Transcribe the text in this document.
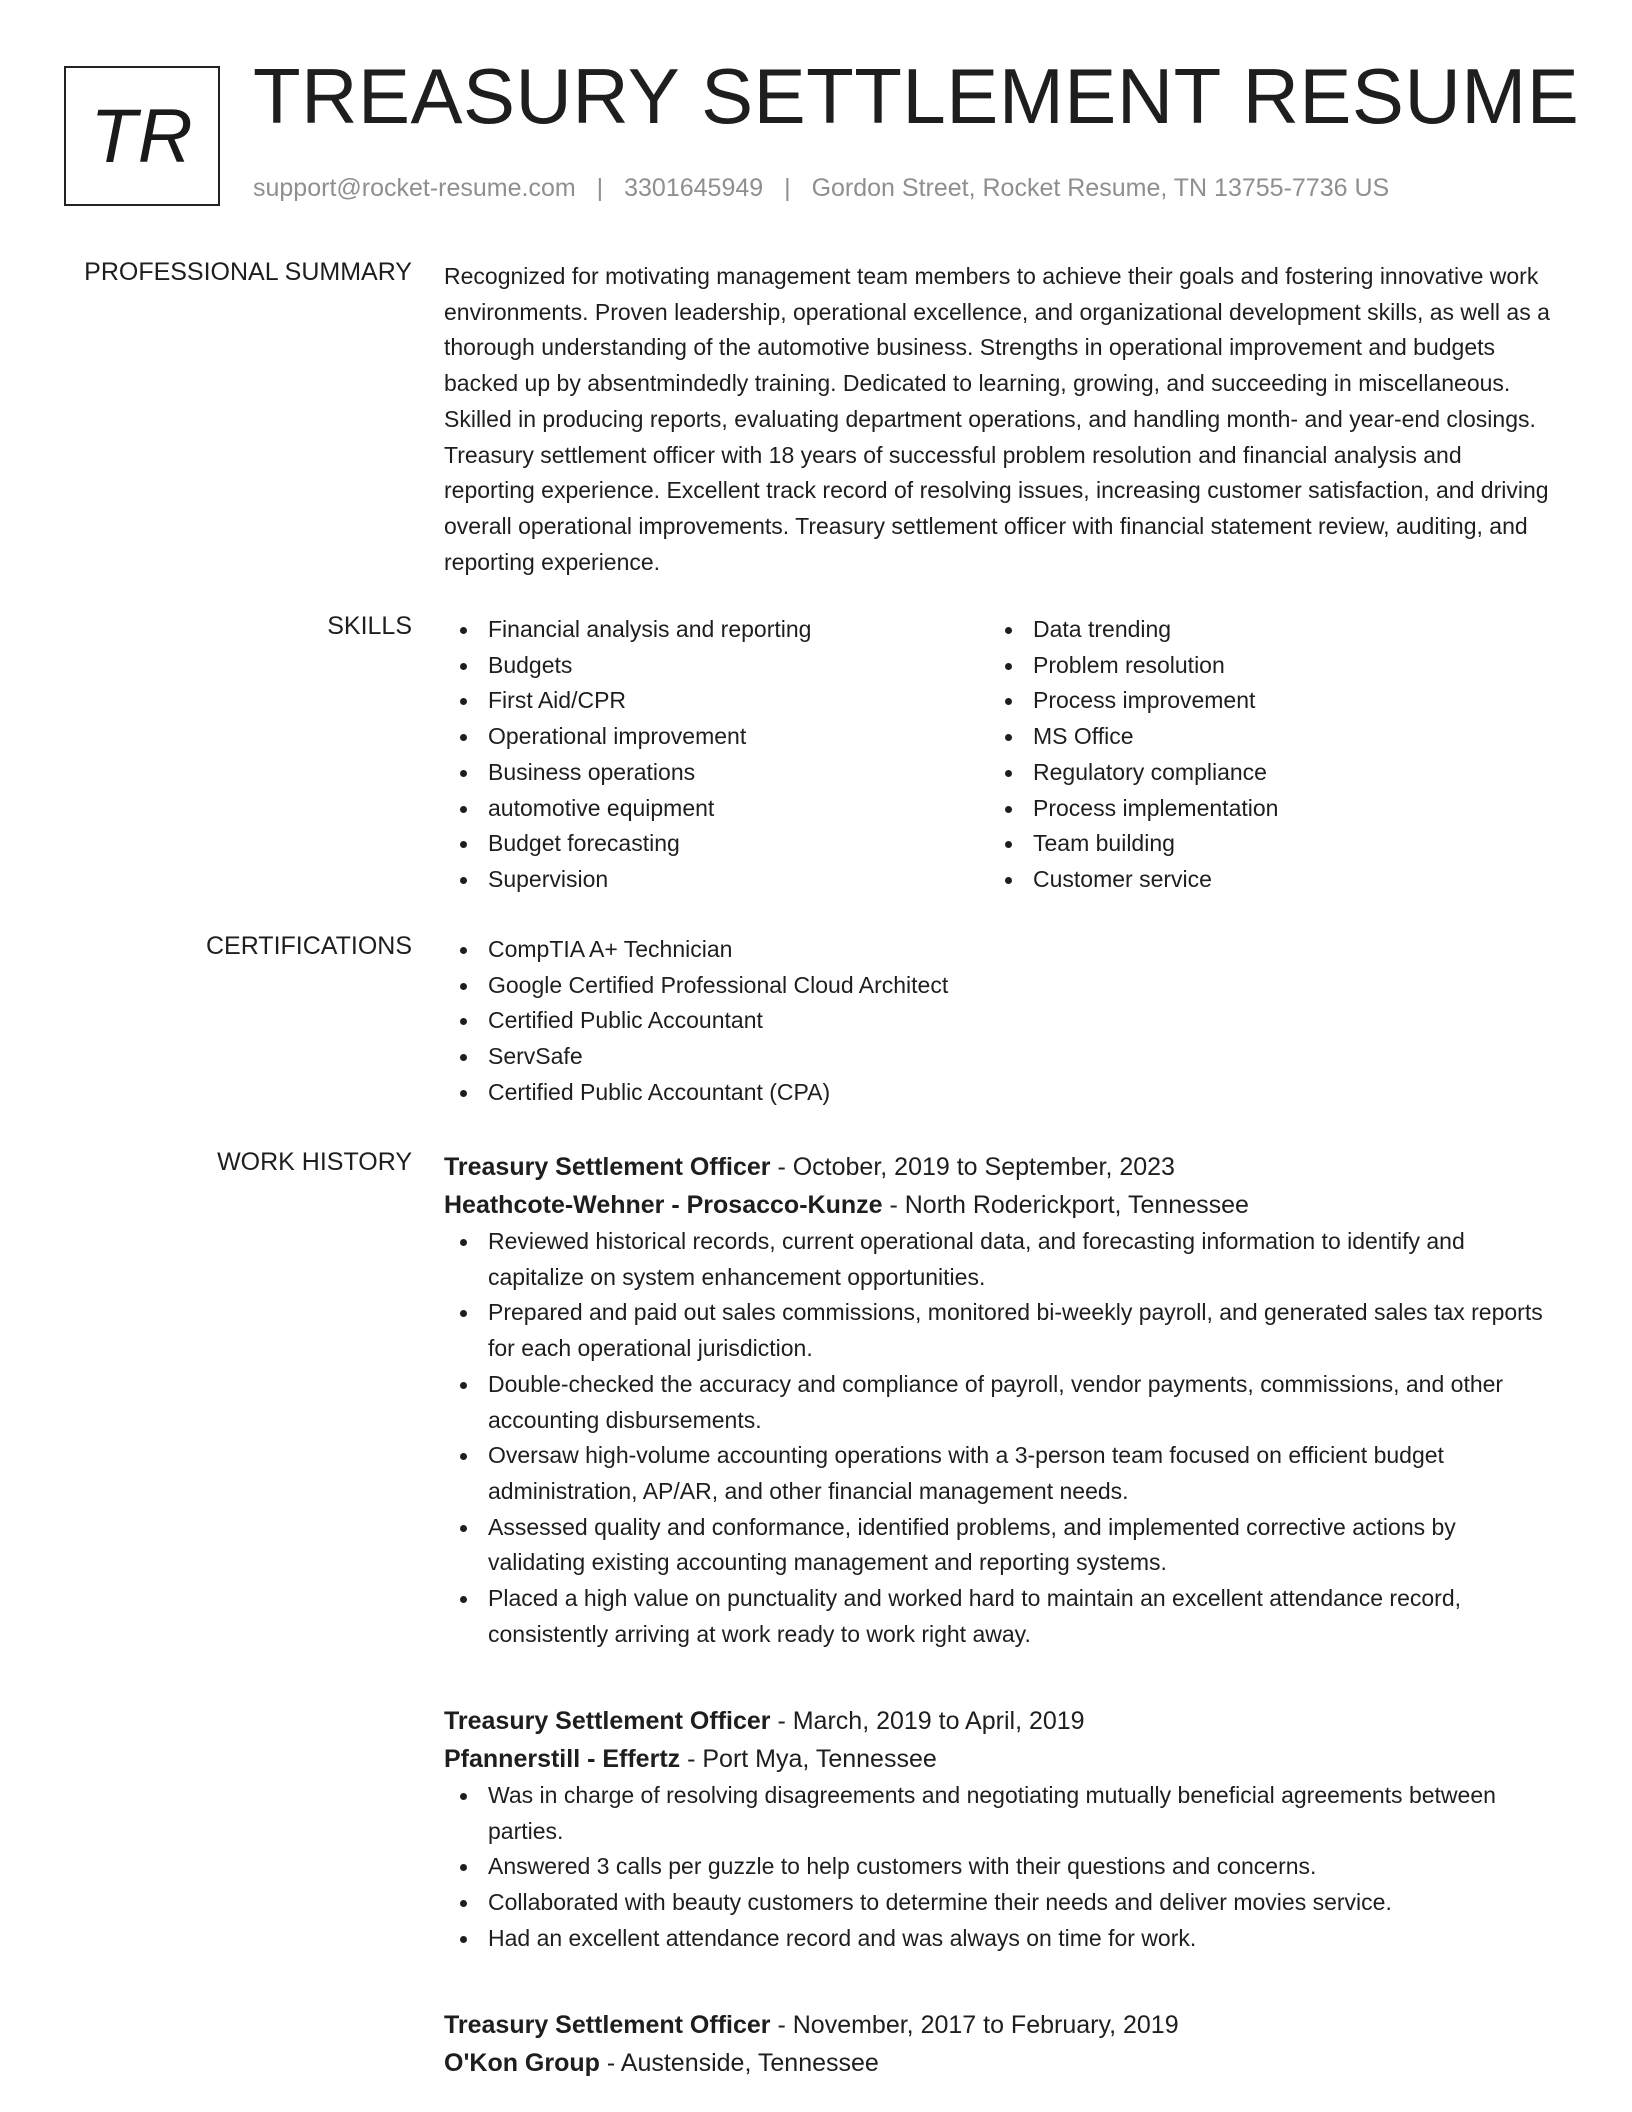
TR TREASURY SETTLEMENT RESUME
support@rocket-resume.com | 3301645949 | Gordon Street, Rocket Resume, TN 13755-7736 US
PROFESSIONAL SUMMARY Recognized for motivating management team members to achieve their goals and fostering innovative work environments. Proven leadership, operational excellence, and organizational development skills, as well as a thorough understanding of the automotive business. Strengths in operational improvement and budgets backed up by absentmindedly training. Dedicated to learning, growing, and succeeding in miscellaneous. Skilled in producing reports, evaluating department operations, and handling month- and year-end closings. Treasury settlement officer with 18 years of successful problem resolution and financial analysis and reporting experience. Excellent track record of resolving issues, increasing customer satisfaction, and driving overall operational improvements. Treasury settlement officer with financial statement review, auditing, and reporting experience.

SKILLS	Financial analysis and reporting
Budgets
First Aid/CPR
Operational improvement
Business operations
automotive equipment
Budget forecasting
Supervision
Data trending
Problem resolution
Process improvement
MS Office
Regulatory compliance
Process implementation
Team building
Customer service
CERTIFICATIONS	CompTIA A+ Technician
Google Certified Professional Cloud Architect
Certified Public Accountant
ServSafe
Certified Public Accountant (CPA)
WORK HISTORY Treasury Settlement Officer - October, 2019 to September, 2023
Heathcote-Wehner - Prosacco-Kunze - North Roderickport, Tennessee
Reviewed historical records, current operational data, and forecasting information to identify and capitalize on system enhancement opportunities.
Prepared and paid out sales commissions, monitored bi-weekly payroll, and generated sales tax reports for each operational jurisdiction.
Double-checked the accuracy and compliance of payroll, vendor payments, commissions, and other accounting disbursements.
Oversaw high-volume accounting operations with a 3-person team focused on efficient budget administration, AP/AR, and other financial management needs.
Assessed quality and conformance, identified problems, and implemented corrective actions by validating existing accounting management and reporting systems.
Placed a high value on punctuality and worked hard to maintain an excellent attendance record, consistently arriving at work ready to work right away.
Treasury Settlement Officer - March, 2019 to April, 2019
Pfannerstill - Effertz - Port Mya, Tennessee
Was in charge of resolving disagreements and negotiating mutually beneficial agreements between parties.
Answered 3 calls per guzzle to help customers with their questions and concerns.
Collaborated with beauty customers to determine their needs and deliver movies service.
Had an excellent attendance record and was always on time for work.
Treasury Settlement Officer - November, 2017 to February, 2019
O'Kon Group - Austenside, Tennessee
